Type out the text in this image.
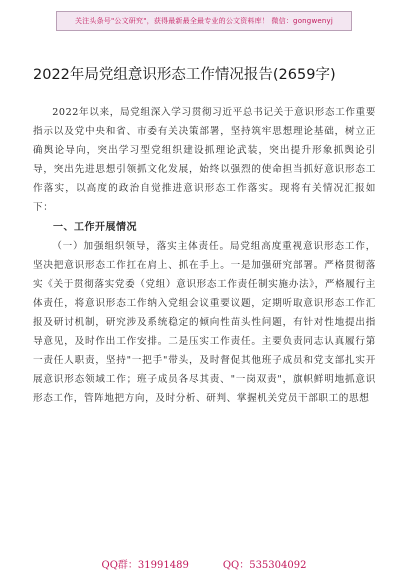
关注头条号"公文研究"，获得最新最全最专业的公文资料库！ 微信：gongwenyj
2022年局党组意识形态工作情况报告(2659字)

2022年以来，局党组深入学习贯彻习近平总书记关于意识形态工作重要指示以及党中央和省、市委有关决策部署，坚持筑牢思想理论基础，树立正确舆论导向，突出学习型党组织建设抓理论武装，突出提升形象抓舆论引导，突出先进思想引领抓文化发展，始终以强烈的使命担当抓好意识形态工作落实，以高度的政治自觉推进意识形态工作落实。现将有关情况汇报如下：

一、工作开展情况

（一）加强组织领导，落实主体责任。局党组高度重视意识形态工作，坚决把意识形态工作扛在肩上、抓在手上。一是加强研究部署。严格贯彻落实《关于贯彻落实党委（党组）意识形态工作责任制实施办法》，严格履行主体责任，将意识形态工作纳入党组会议重要议题，定期听取意识形态工作汇报及研讨机制，研究涉及系统稳定的倾向性苗头性问题，有针对性地提出指导意见，及时作出工作安排。二是压实工作责任。主要负责同志认真履行第一责任人职责，坚持"一把手"带头，及时督促其他班子成员和党支部扎实开展意识形态领域工作；班子成员各尽其责、"一岗双责"，旗帜鲜明地抓意识形态工作，管阵地把方向，及时分析、研判、掌握机关党员干部职工的思想

QQ群：31991489	QQ：535304092
